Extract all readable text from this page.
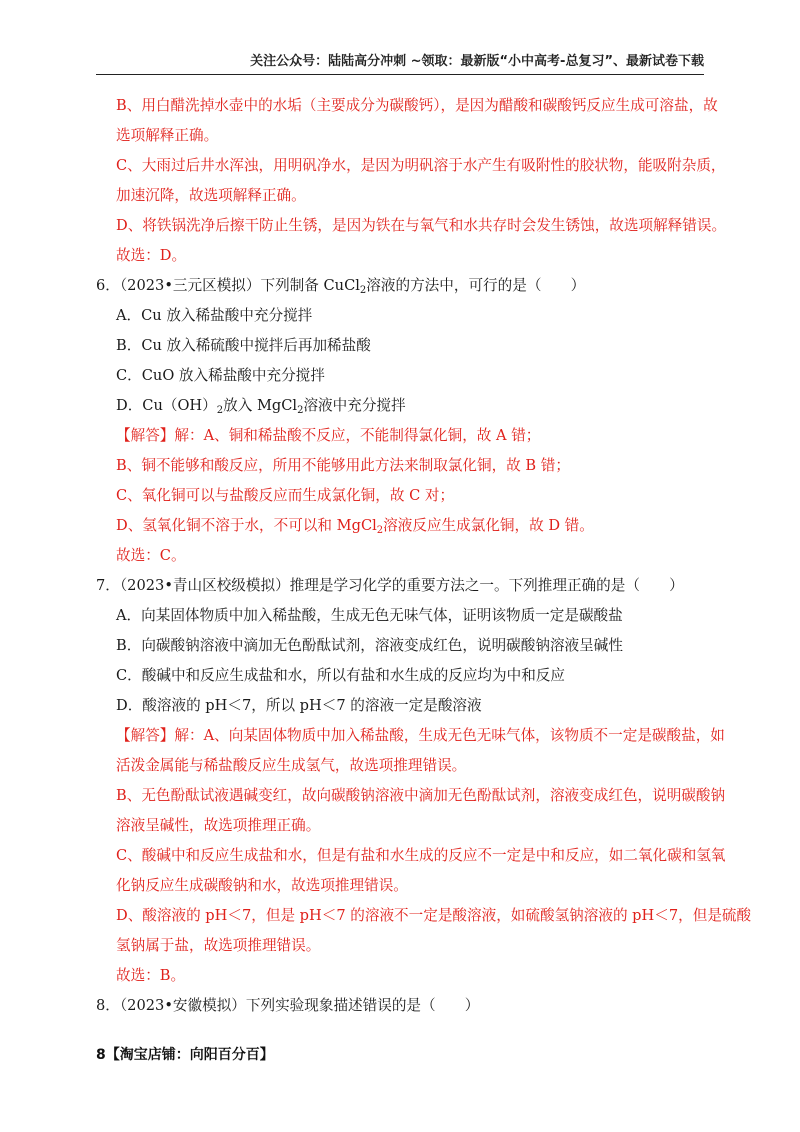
关注公众号：陆陆高分冲刺 ~领取：最新版“小中高考-总复习”、最新试卷下载
B、用白醋洗掉水壶中的水垢（主要成分为碳酸钙），是因为醋酸和碳酸钙反应生成可溶盐，故
选项解释正确。
C、大雨过后井水浑浊，用明矾净水，是因为明矾溶于水产生有吸附性的胶状物，能吸附杂质，
加速沉降，故选项解释正确。
D、将铁锅洗净后擦干防止生锈，是因为铁在与氧气和水共存时会发生锈蚀，故选项解释错误。
故选：D。
6．（2023•三元区模拟）下列制备 CuCl$_2$溶液的方法中，可行的是（　　）
A．Cu 放入稀盐酸中充分搅拌
B．Cu 放入稀硫酸中搅拌后再加稀盐酸
C．CuO 放入稀盐酸中充分搅拌
D．$Cu(OH)_2$放入 MgCl$_2$溶液中充分搅拌
【解答】解：A、铜和稀盐酸不反应，不能制得氯化铜，故 A 错；
B、铜不能够和酸反应，所用不能够用此方法来制取氯化铜，故 B 错；
C、氧化铜可以与盐酸反应而生成氯化铜，故 C 对；
D、氢氧化铜不溶于水，不可以和 MgCl$_2$溶液反应生成氯化铜，故 D 错。
故选：C。
7．（2023•青山区校级模拟）推理是学习化学的重要方法之一。下列推理正确的是（　　）
A．向某固体物质中加入稀盐酸，生成无色无味气体，证明该物质一定是碳酸盐
B．向碳酸钠溶液中滴加无色酚酞试剂，溶液变成红色，说明碳酸钠溶液呈碱性
C．酸碱中和反应生成盐和水，所以有盐和水生成的反应均为中和反应
D．酸溶液的 pH＜7，所以 pH＜7 的溶液一定是酸溶液
【解答】解：A、向某固体物质中加入稀盐酸，生成无色无味气体，该物质不一定是碳酸盐，如
活泼金属能与稀盐酸反应生成氢气，故选项推理错误。
B、无色酚酞试液遇碱变红，故向碳酸钠溶液中滴加无色酚酞试剂，溶液变成红色，说明碳酸钠
溶液呈碱性，故选项推理正确。
C、酸碱中和反应生成盐和水，但是有盐和水生成的反应不一定是中和反应，如二氧化碳和氢氧
化钠反应生成碳酸钠和水，故选项推理错误。
D、酸溶液的 pH＜7，但是 pH＜7 的溶液不一定是酸溶液，如硫酸氢钠溶液的 pH＜7，但是硫酸
氢钠属于盐，故选项推理错误。
故选：B。
8．（2023•安徽模拟）下列实验现象描述错误的是（　　）
8【淘宝店铺：向阳百分百】
